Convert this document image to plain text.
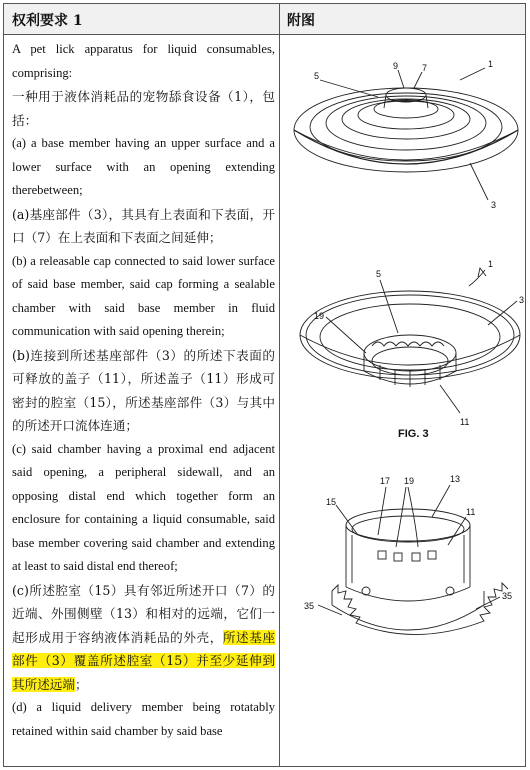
权利要求 1	附图

A pet lick apparatus for liquid consumables, comprising:

一种用于液体消耗品的宠物舔食设备（1），包括：

(a) a base member having an upper surface and a lower surface with an opening extending therebetween;

(a)基座部件（3），其具有上表面和下表面，开口（7）在上表面和下表面之间延伸；

(b) a releasable cap connected to said lower surface of said base member, said cap forming a sealable chamber with said base member in fluid communication with said opening therein;

(b)连接到所述基座部件（3）的所述下表面的可释放的盖子（11），所述盖子（11）形成可密封的腔室（15），所述基座部件（3）与其中的所述开口流体连通；

(c) said chamber having a proximal end adjacent said opening, a peripheral sidewall, and an opposing distal end which together form an enclosure for containing a liquid consumable, said base member covering said chamber and extending at least to said distal end thereof;

(c)所述腔室（15）具有邻近所述开口（7）的近端、外围侧壁（13）和相对的远端，它们一起形成用于容纳液体消耗品的外壳，所述基座部件（3）覆盖所述腔室（15）并至少延伸到其所述远端；

(d) a liquid delivery member being rotatably retained within said chamber by said base

5
9	7	1
3
1
5
3
19
11
FIG. 3
17 19	13
15
11
35
35
